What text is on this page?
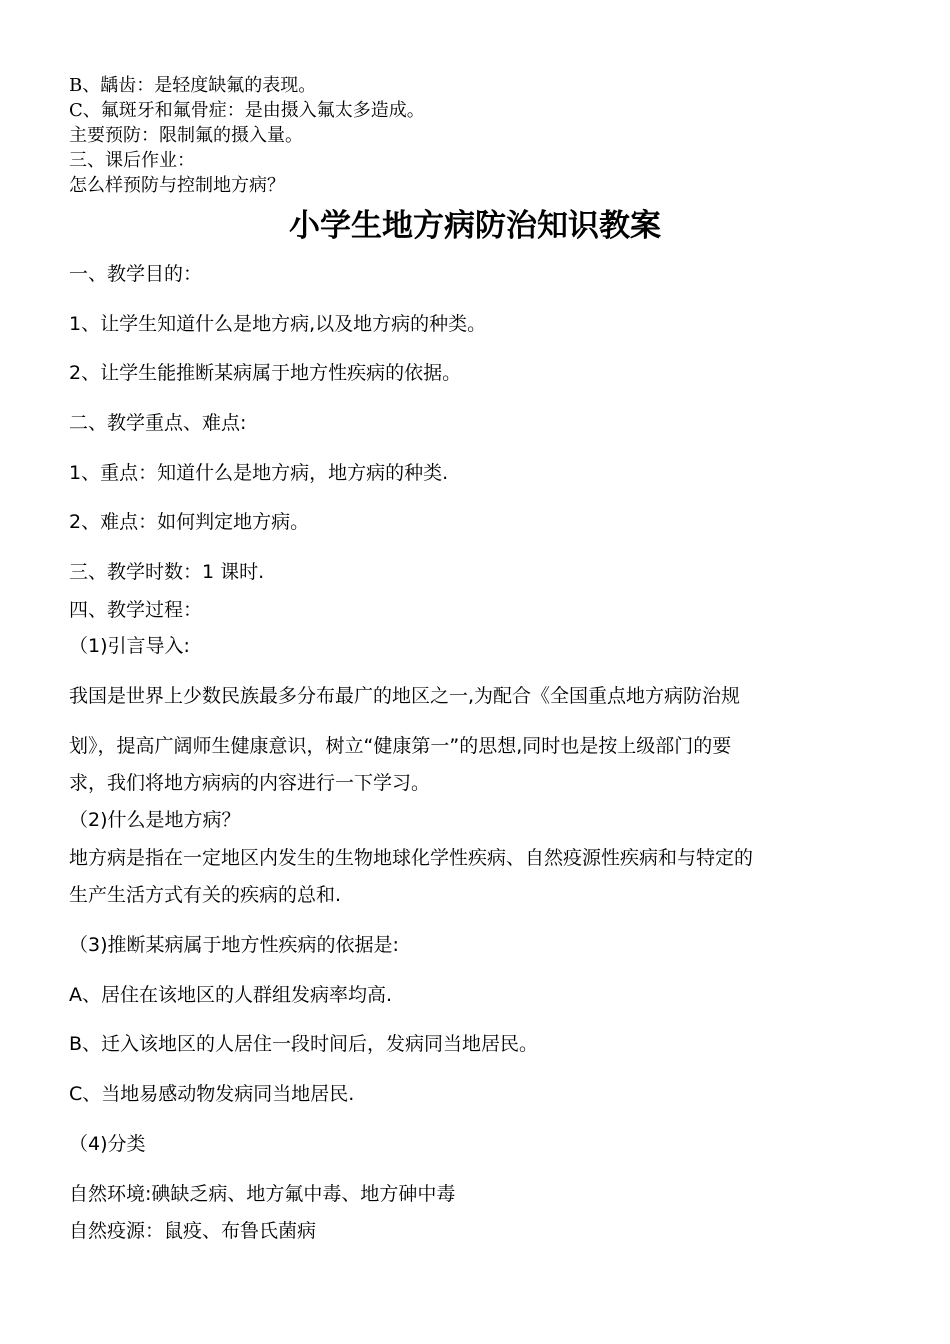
B、龋齿：是轻度缺氟的表现。
C、氟斑牙和氟骨症：是由摄入氟太多造成。
主要预防：限制氟的摄入量。
三、课后作业：
怎么样预防与控制地方病？
小学生地方病防治知识教案
一、教学目的：
1、让学生知道什么是地方病,以及地方病的种类。
2、让学生能推断某病属于地方性疾病的依据。
二、教学重点、难点:
1、重点：知道什么是地方病，地方病的种类.
2、难点：如何判定地方病。
三、教学时数：1 课时.
四、教学过程：
（1)引言导入:
我国是世界上少数民族最多分布最广的地区之一,为配合《全国重点地方病防治规
划》，提高广阔师生健康意识，树立“健康第一”的思想,同时也是按上级部门的要
求，我们将地方病病的内容进行一下学习。
（2)什么是地方病？
地方病是指在一定地区内发生的生物地球化学性疾病、自然疫源性疾病和与特定的
生产生活方式有关的疾病的总和.
（3)推断某病属于地方性疾病的依据是:
A、居住在该地区的人群组发病率均高.
B、迁入该地区的人居住一段时间后，发病同当地居民。
C、当地易感动物发病同当地居民.
（4)分类
自然环境:碘缺乏病、地方氟中毒、地方砷中毒
自然疫源：鼠疫、布鲁氏菌病
